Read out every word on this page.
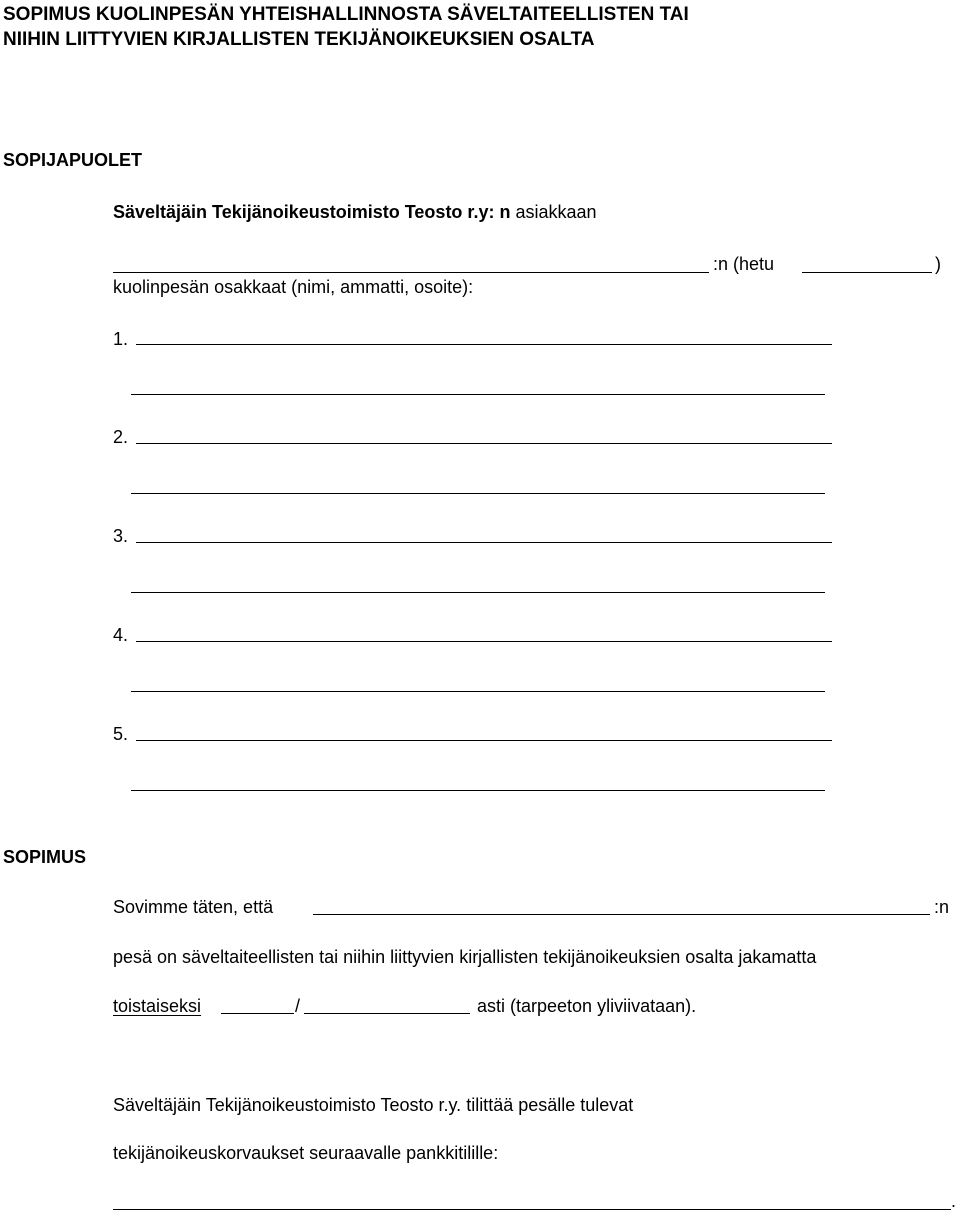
SOPIMUS KUOLINPESÄN YHTEISHALLINNOSTA SÄVELTAITEELLISTEN TAI
NIIHIN LIITTYVIEN KIRJALLISTEN TEKIJÄNOIKEUKSIEN OSALTA
SOPIJAPUOLET
Säveltäjäin Tekijänoikeustoimisto Teosto r.y: n asiakkaan
:n (hetu	)
kuolinpesän osakkaat (nimi, ammatti, osoite):
1.
2.
3.
4.
5.
SOPIMUS
Sovimme täten, että	:n
pesä on säveltaiteellisten tai niihin liittyvien kirjallisten tekijänoikeuksien osalta jakamatta
toistaiseksi	/	asti (tarpeeton yliviivataan).
Säveltäjäin Tekijänoikeustoimisto Teosto r.y. tilittää pesälle tulevat
tekijänoikeuskorvaukset seuraavalle pankkitilille:
.
